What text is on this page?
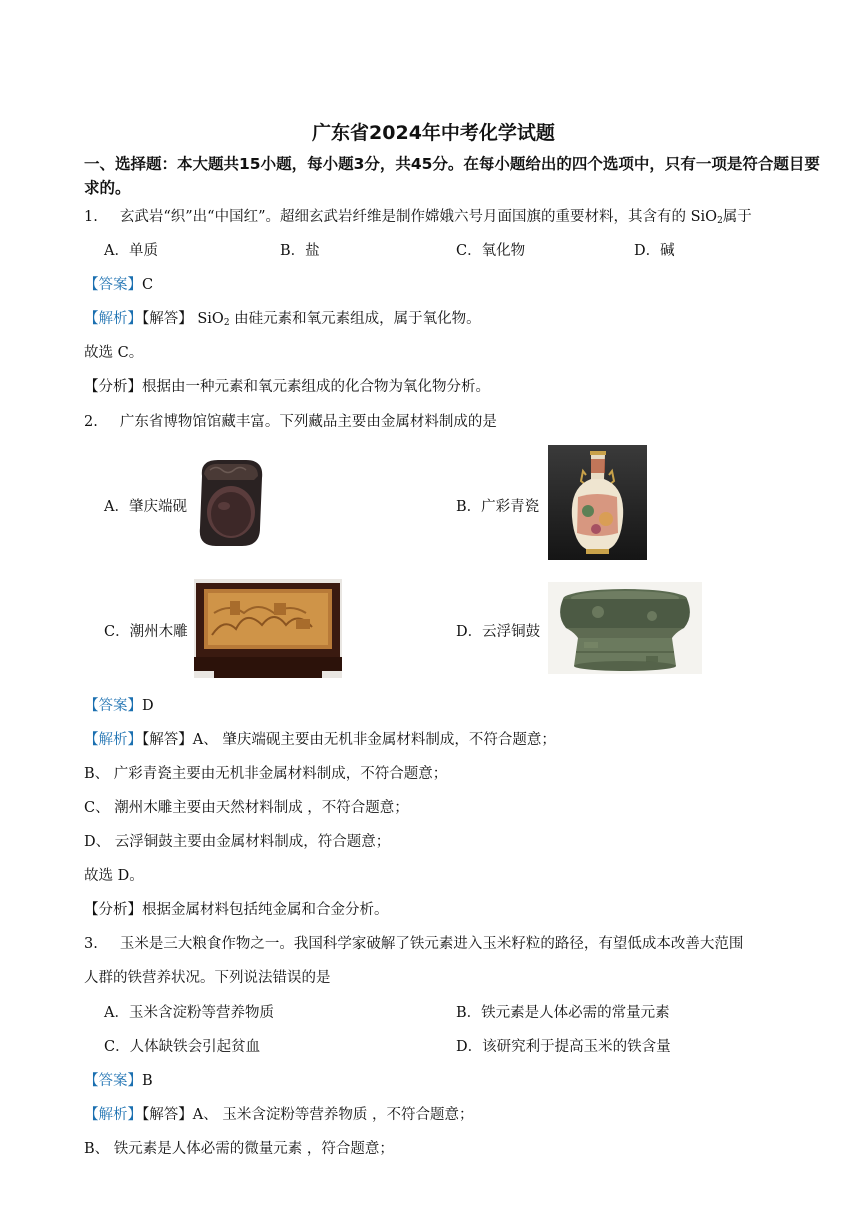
广东省2024年中考化学试题
一、选择题：本大题共15小题，每小题3分，共45分。在每小题给出的四个选项中，只有一项是符合题目要求的。
1. 玄武岩“织”出“中国红”。超细玄武岩纤维是制作嫦娥六号月面国旗的重要材料，其含有的 SiO$_2$属于
A．单质	B．盐	C．氧化物	D．碱
【答案】C
【解析】【解答】 SiO$_2$ 由硅元素和氧元素组成，属于氧化物。
故选 C。
【分析】根据由一种元素和氧元素组成的化合物为氧化物分析。
2. 广东省博物馆馆藏丰富。下列藏品主要由金属材料制成的是
A．肇庆端砚	B．广彩青瓷
C．潮州木雕	D．云浮铜鼓
【答案】D
【解析】【解答】A、 肇庆端砚主要由无机非金属材料制成，不符合题意；
B、 广彩青瓷主要由无机非金属材料制成，不符合题意；
C、 潮州木雕主要由天然材料制成 ，不符合题意；
D、 云浮铜鼓主要由金属材料制成，符合题意；
故选 D。
【分析】根据金属材料包括纯金属和合金分析。
3. 玉米是三大粮食作物之一。我国科学家破解了铁元素进入玉米籽粒的路径，有望低成本改善大范围
人群的铁营养状况。下列说法错误的是
A．玉米含淀粉等营养物质	B．铁元素是人体必需的常量元素
C．人体缺铁会引起贫血	D．该研究利于提高玉米的铁含量
【答案】B
【解析】【解答】A、 玉米含淀粉等营养物质 ，不符合题意；
B、 铁元素是人体必需的微量元素 ，符合题意；
